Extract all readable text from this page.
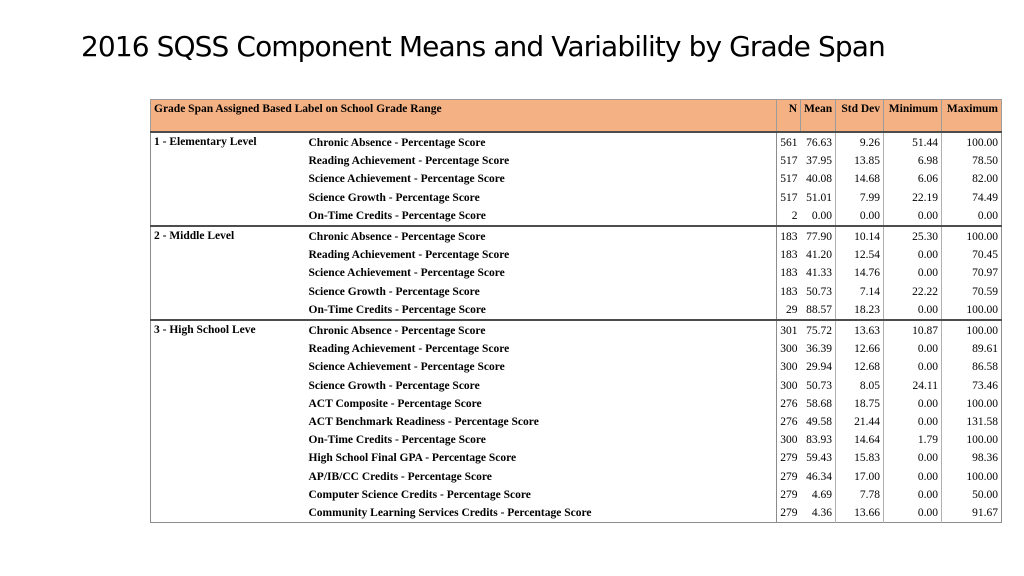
2016 SQSS Component Means and Variability by Grade Span
Grade Span Assigned Based Label on School Grade Range		N	Mean	Std Dev	Minimum	Maximum
1 - Elementary Level	Chronic Absence - Percentage Score	561	76.63	9.26	51.44	100.00
	Reading Achievement - Percentage Score	517	37.95	13.85	6.98	78.50
	Science Achievement - Percentage Score	517	40.08	14.68	6.06	82.00
	Science Growth - Percentage Score	517	51.01	7.99	22.19	74.49
	On-Time Credits - Percentage Score	2	0.00	0.00	0.00	0.00
2 - Middle Level	Chronic Absence - Percentage Score	183	77.90	10.14	25.30	100.00
	Reading Achievement - Percentage Score	183	41.20	12.54	0.00	70.45
	Science Achievement - Percentage Score	183	41.33	14.76	0.00	70.97
	Science Growth - Percentage Score	183	50.73	7.14	22.22	70.59
	On-Time Credits - Percentage Score	29	88.57	18.23	0.00	100.00
3 - High School Leve	Chronic Absence - Percentage Score	301	75.72	13.63	10.87	100.00
	Reading Achievement - Percentage Score	300	36.39	12.66	0.00	89.61
	Science Achievement - Percentage Score	300	29.94	12.68	0.00	86.58
	Science Growth - Percentage Score	300	50.73	8.05	24.11	73.46
	ACT Composite - Percentage Score	276	58.68	18.75	0.00	100.00
	ACT Benchmark Readiness - Percentage Score	276	49.58	21.44	0.00	131.58
	On-Time Credits - Percentage Score	300	83.93	14.64	1.79	100.00
	High School Final GPA - Percentage Score	279	59.43	15.83	0.00	98.36
	AP/IB/CC Credits - Percentage Score	279	46.34	17.00	0.00	100.00
	Computer Science Credits - Percentage Score	279	4.69	7.78	0.00	50.00
	Community Learning Services Credits - Percentage Score	279	4.36	13.66	0.00	91.67
